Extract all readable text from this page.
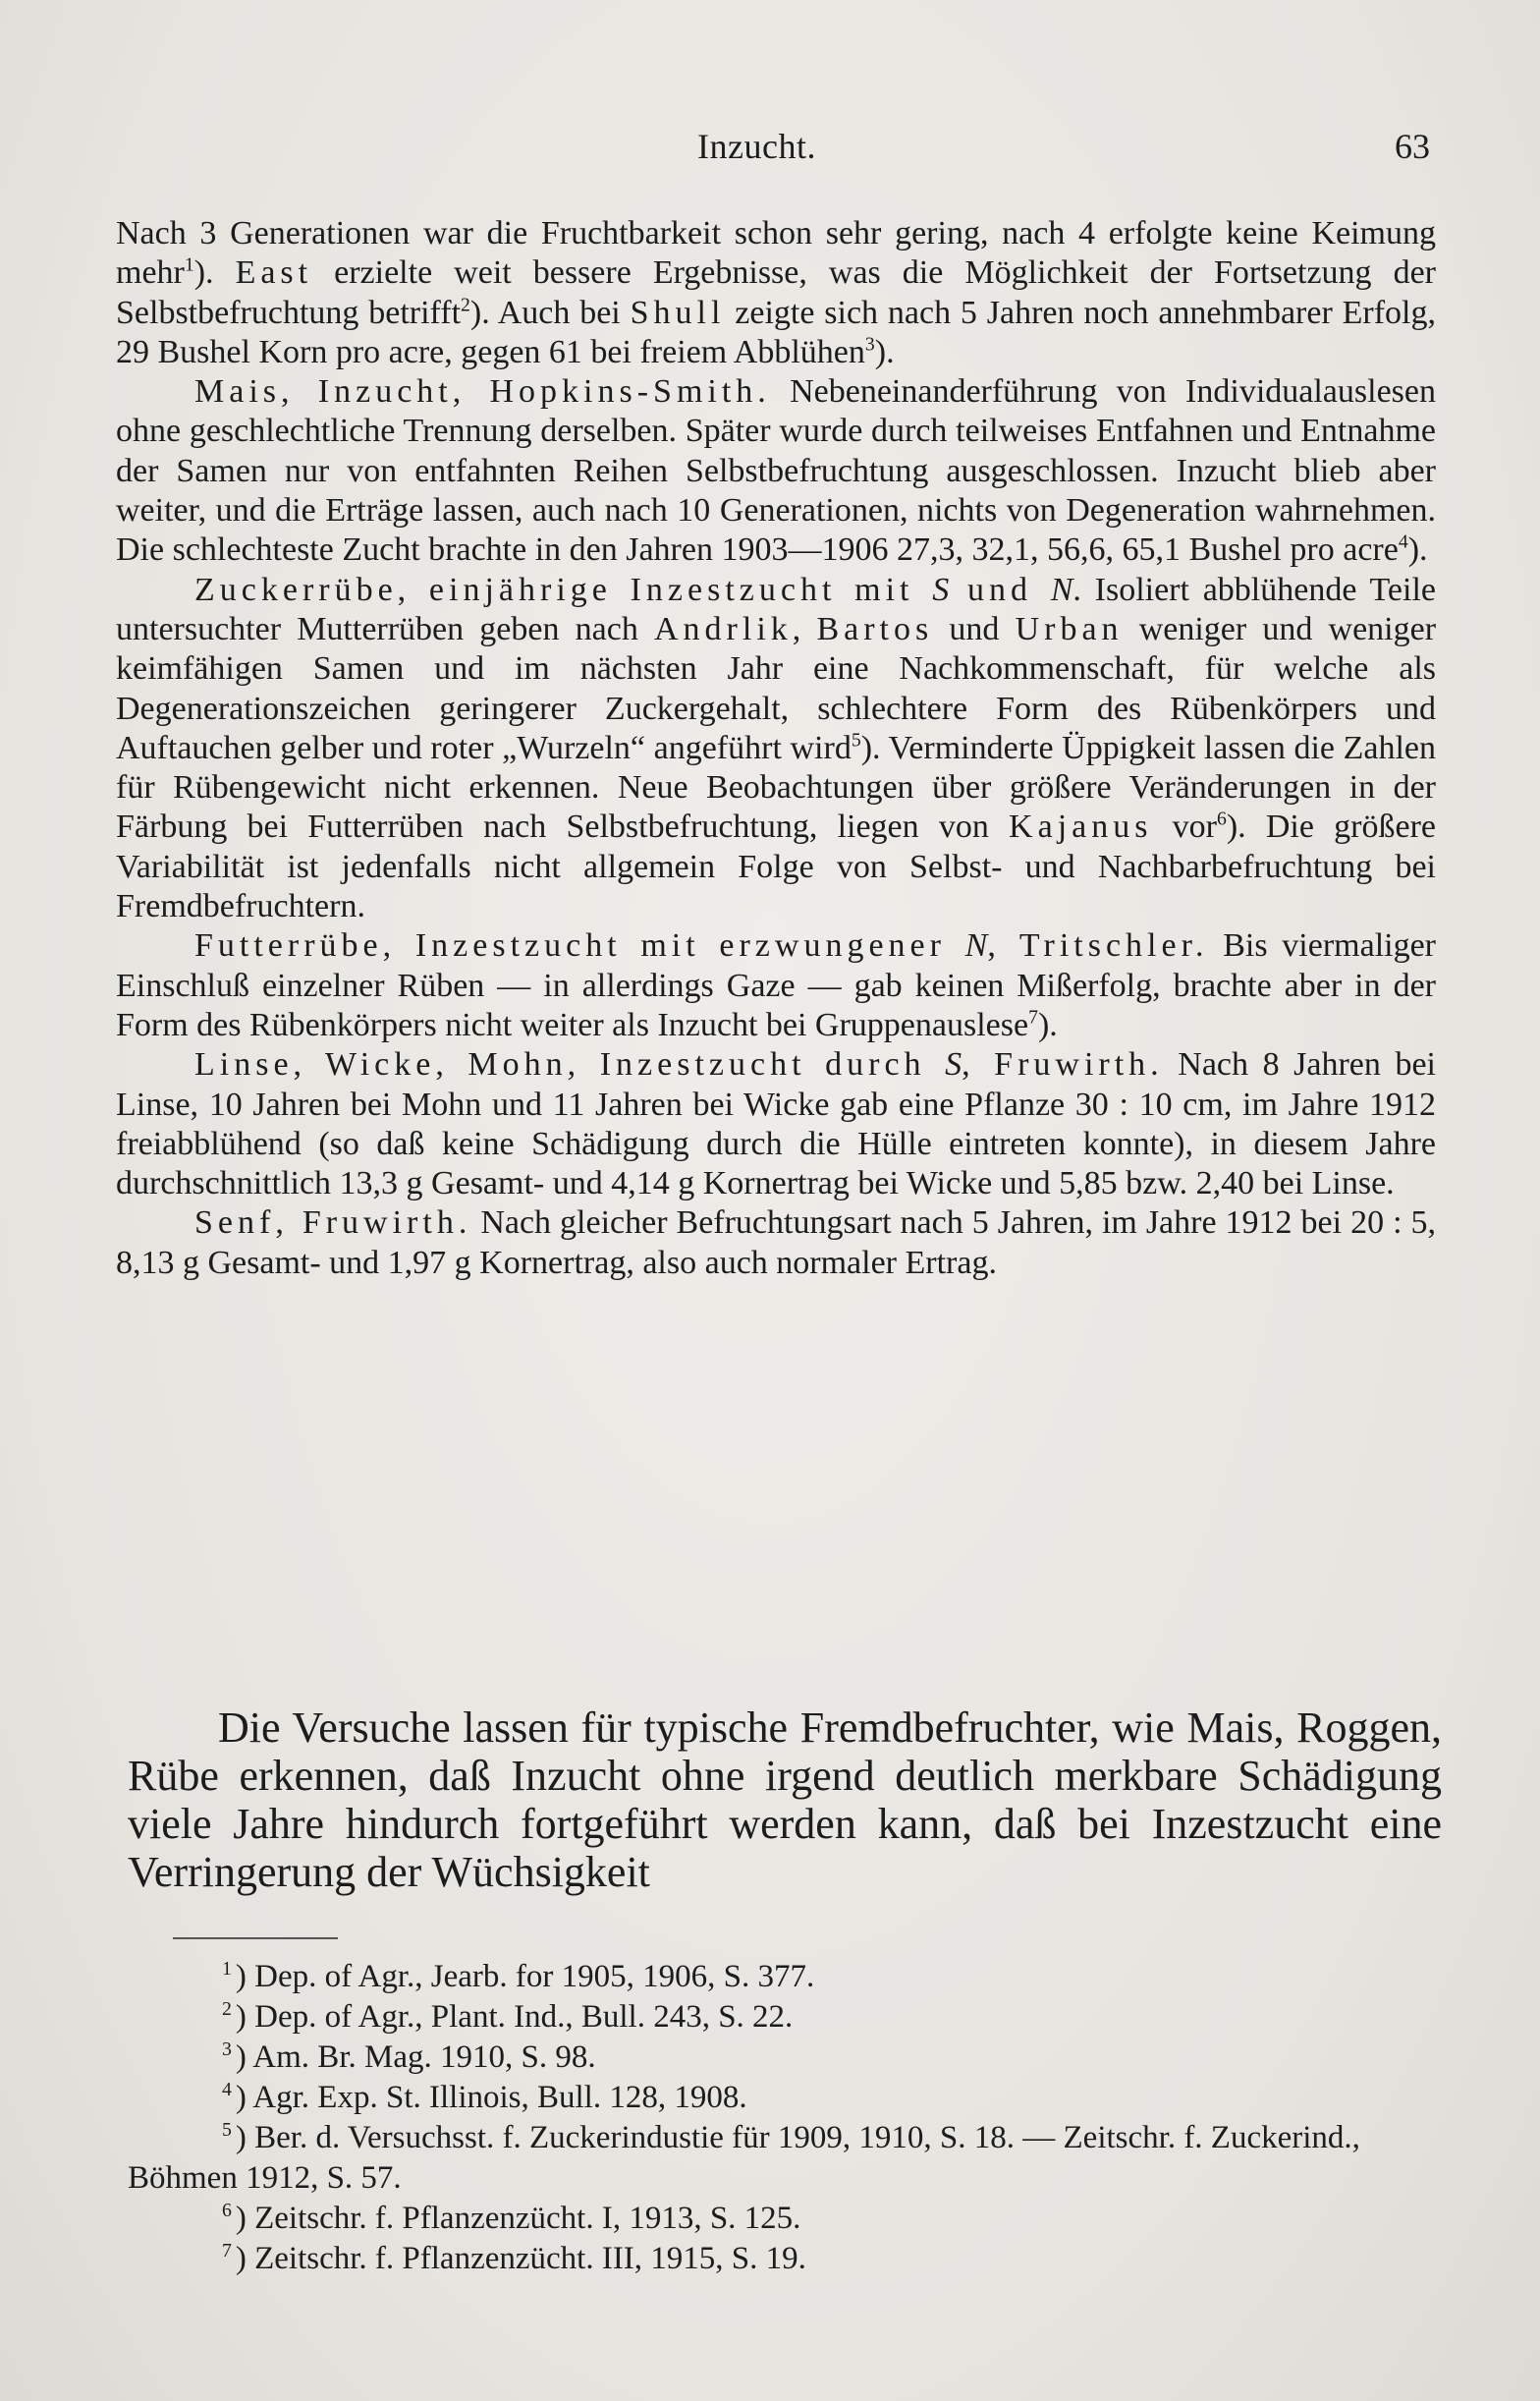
Inzucht.	63

Nach 3 Generationen war die Fruchtbarkeit schon sehr gering, nach 4 erfolgte keine Keimung mehr$^1$). East erzielte weit bessere Ergebnisse, was die Möglichkeit der Fortsetzung der Selbstbefruchtung betrifft$^2$). Auch bei Shull zeigte sich nach 5 Jahren noch annehmbarer Erfolg, 29 Bushel Korn pro acre, gegen 61 bei freiem Abblühen$^3$).

Mais, Inzucht, Hopkins-Smith. Nebeneinanderführung von Individualauslesen ohne geschlechtliche Trennung derselben. Später wurde durch teilweises Entfahnen und Entnahme der Samen nur von entfahnten Reihen Selbstbefruchtung ausgeschlossen. Inzucht blieb aber weiter, und die Erträge lassen, auch nach 10 Generationen, nichts von Degeneration wahrnehmen. Die schlechteste Zucht brachte in den Jahren 1903—1906 27,3, 32,1, 56,6, 65,1 Bushel pro acre$^4$).

Zuckerrübe, einjährige Inzestzucht mit S und N. Isoliert abblühende Teile untersuchter Mutterrüben geben nach Andrlik, Bartos und Urban weniger und weniger keimfähigen Samen und im nächsten Jahr eine Nachkommenschaft, für welche als Degenerationszeichen geringerer Zuckergehalt, schlechtere Form des Rübenkörpers und Auftauchen gelber und roter „Wurzeln“ angeführt wird$^5$). Verminderte Üppigkeit lassen die Zahlen für Rübengewicht nicht erkennen. Neue Beobachtungen über größere Veränderungen in der Färbung bei Futterrüben nach Selbstbefruchtung, liegen von Kajanus vor$^6$). Die größere Variabilität ist jedenfalls nicht allgemein Folge von Selbst- und Nachbarbefruchtung bei Fremdbefruchtern.

Futterrübe, Inzestzucht mit erzwungener N, Tritschler. Bis viermaliger Einschluß einzelner Rüben — in allerdings Gaze — gab keinen Mißerfolg, brachte aber in der Form des Rübenkörpers nicht weiter als Inzucht bei Gruppenauslese$^7$).

Linse, Wicke, Mohn, Inzestzucht durch S, Fruwirth. Nach 8 Jahren bei Linse, 10 Jahren bei Mohn und 11 Jahren bei Wicke gab eine Pflanze 30 : 10 cm, im Jahre 1912 freiabblühend (so daß keine Schädigung durch die Hülle eintreten konnte), in diesem Jahre durchschnittlich 13,3 g Gesamt- und 4,14 g Kornertrag bei Wicke und 5,85 bzw. 2,40 bei Linse.

Senf, Fruwirth. Nach gleicher Befruchtungsart nach 5 Jahren, im Jahre 1912 bei 20 : 5, 8,13 g Gesamt- und 1,97 g Kornertrag, also auch normaler Ertrag.

Die Versuche lassen für typische Fremdbefruchter, wie Mais, Roggen, Rübe erkennen, daß Inzucht ohne irgend deutlich merkbare Schädigung viele Jahre hindurch fortgeführt werden kann, daß bei Inzestzucht eine Verringerung der Wüchsigkeit

$^1$ ) Dep. of Agr., Jearb. for 1905, 1906, S. 377.

$^2$ ) Dep. of Agr., Plant. Ind., Bull. 243, S. 22.

$^3$ ) Am. Br. Mag. 1910, S. 98.

$^4$ ) Agr. Exp. St. Illinois, Bull. 128, 1908.

$^5$ ) Ber. d. Versuchsst. f. Zuckerindustie für 1909, 1910, S. 18. — Zeitschr. f. Zuckerind., Böhmen 1912, S. 57.

$^6$ ) Zeitschr. f. Pflanzenzücht. I, 1913, S. 125.

$^7$ ) Zeitschr. f. Pflanzenzücht. III, 1915, S. 19.
